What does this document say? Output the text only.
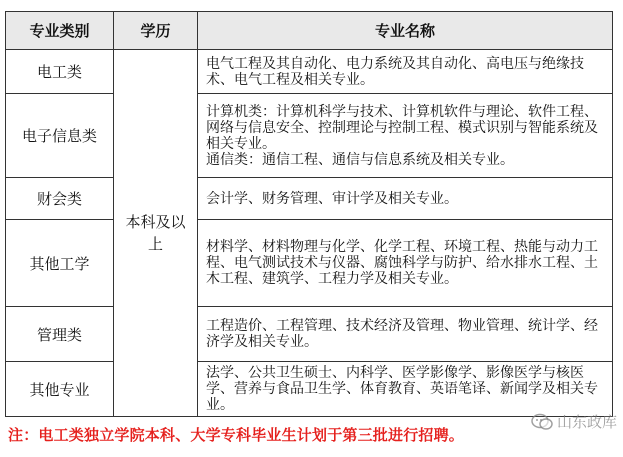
专业类别	学历	专业名称
电工类	本科及以上	电气工程及其自动化、电力系统及其自动化、高电压与绝缘技术、电气工程及相关专业。
电子信息类		计算机类：计算机科学与技术、计算机软件与理论、软件工程、网络与信息安全、控制理论与控制工程、模式识别与智能系统及相关专业。
通信类：通信工程、通信与信息系统及相关专业。

财会类		会计学、财务管理、审计学及相关专业。
其他工学		材料学、材料物理与化学、化学工程、环境工程、热能与动力工程、电气测试技术与仪器、腐蚀科学与防护、给水排水工程、土木工程、建筑学、工程力学及相关专业。
管理类		工程造价、工程管理、技术经济及管理、物业管理、统计学、经济学及相关专业。
其他专业		法学、公共卫生硕士、内科学、医学影像学、影像医学与核医学、营养与食品卫生学、体育教育、英语笔译、新闻学及相关专业。
注：电工类独立学院本科、大学专科毕业生计划于第三批进行招聘。
山东政库
